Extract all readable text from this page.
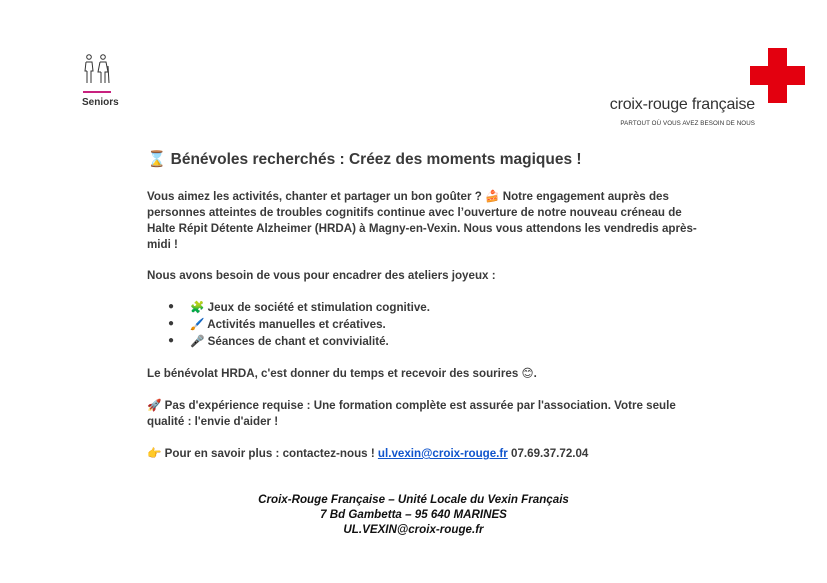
Seniors	croix-rouge française
PARTOUT OÙ VOUS AVEZ BESOIN DE NOUS
⌛ Bénévoles recherchés : Créez des moments magiques !

Vous aimez les activités, chanter et partager un bon goûter ? 🍰 Notre engagement auprès des personnes atteintes de troubles cognitifs continue avec l’ouverture de notre nouveau créneau de Halte Répit Détente Alzheimer (HRDA) à Magny-en-Vexin. Nous vous attendons les vendredis après-midi !

Nous avons besoin de vous pour encadrer des ateliers joyeux :

● 🧩 Jeux de société et stimulation cognitive.
● 🖌️ Activités manuelles et créatives.
● 🎤 Séances de chant et convivialité.

Le bénévolat HRDA, c'est donner du temps et recevoir des sourires 😊.

🚀 Pas d'expérience requise : Une formation complète est assurée par l'association. Votre seule qualité : l'envie d'aider !

👉 Pour en savoir plus : contactez-nous ! ul.vexin@croix-rouge.fr 07.69.37.72.04

Croix-Rouge Française – Unité Locale du Vexin Français
7 Bd Gambetta – 95 640 MARINES
UL.VEXIN@croix-rouge.fr
